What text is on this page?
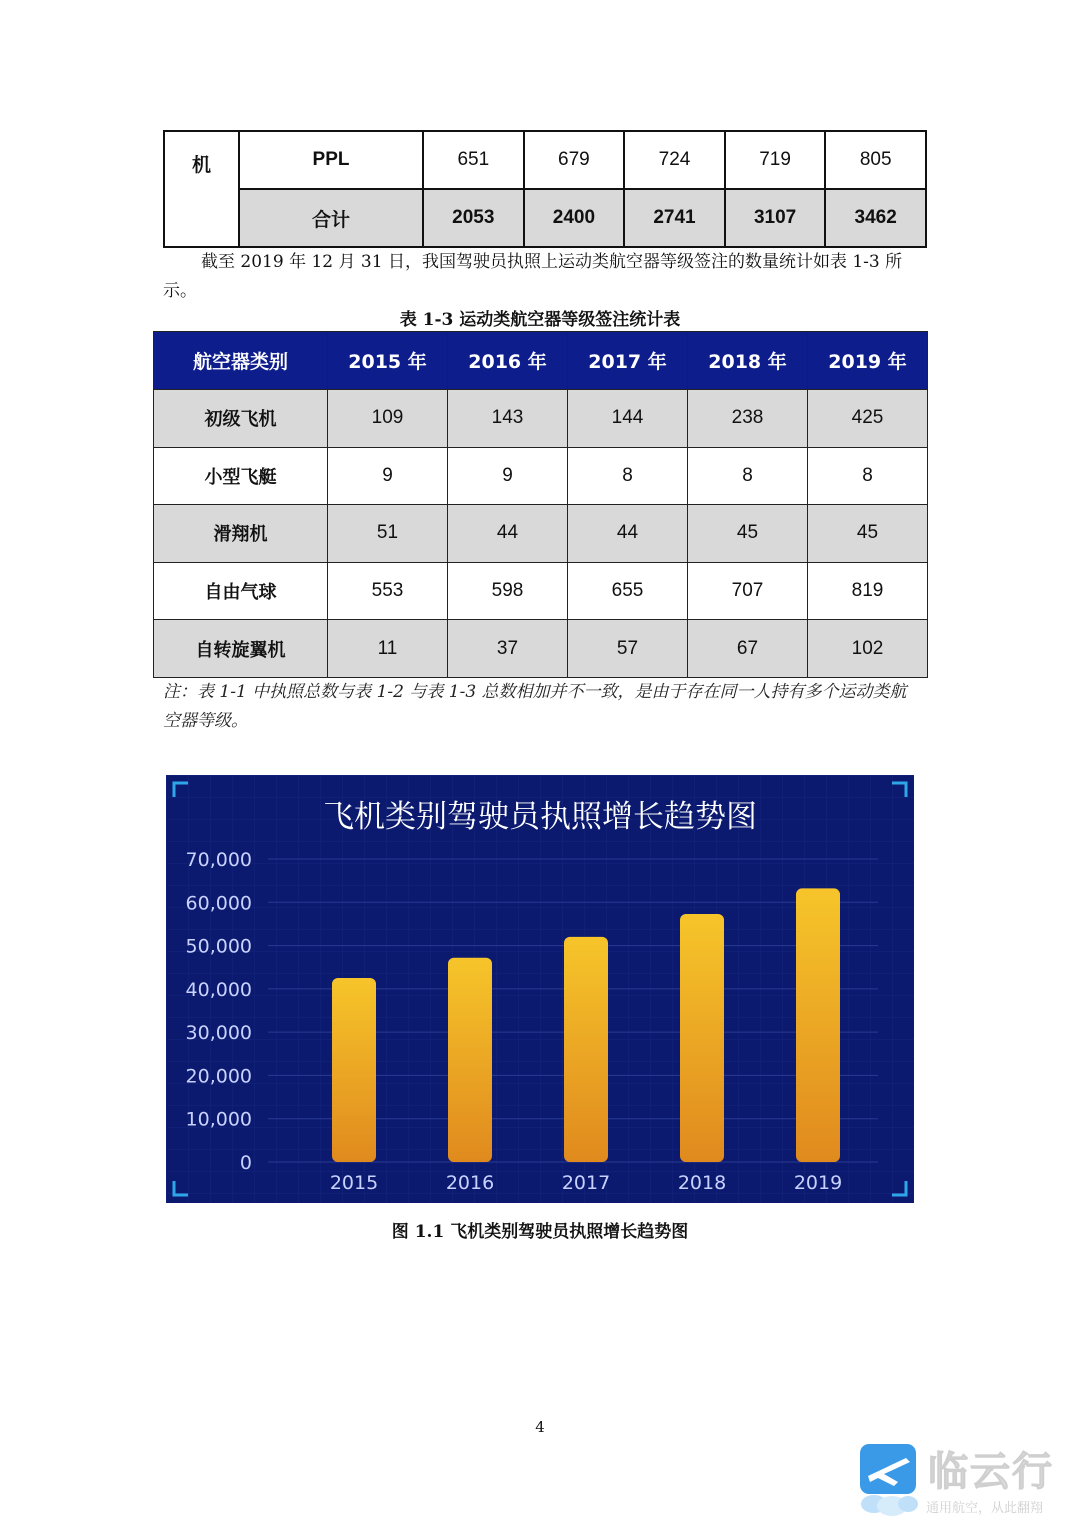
机	PPL	651	679	724	719	805
	合计	2053	2400	2741	3107	3462

截至 2019 年 12 月 31 日，我国驾驶员执照上运动类航空器等级签注的数量统计如表 1-3 所示。

表 1-3 运动类航空器等级签注统计表

航空器类别	2015 年	2016 年	2017 年	2018 年	2019 年
初级飞机	109	143	144	238	425
小型飞艇	9	9	8	8	8
滑翔机	51	44	44	45	45
自由气球	553	598	655	707	819
自转旋翼机	11	37	57	67	102

注：表 1-1 中执照总数与表 1-2 与表 1-3 总数相加并不一致，是由于存在同一人持有多个运动类航空器等级。

飞机类别驾驶员执照增长趋势图
0
10,000
20,000
30,000
40,000
50,000
60,000
70,000
2015	2016	2017	2018	2019

图 1.1 飞机类别驾驶员执照增长趋势图

4

临云行
通用航空，从此翻翔
